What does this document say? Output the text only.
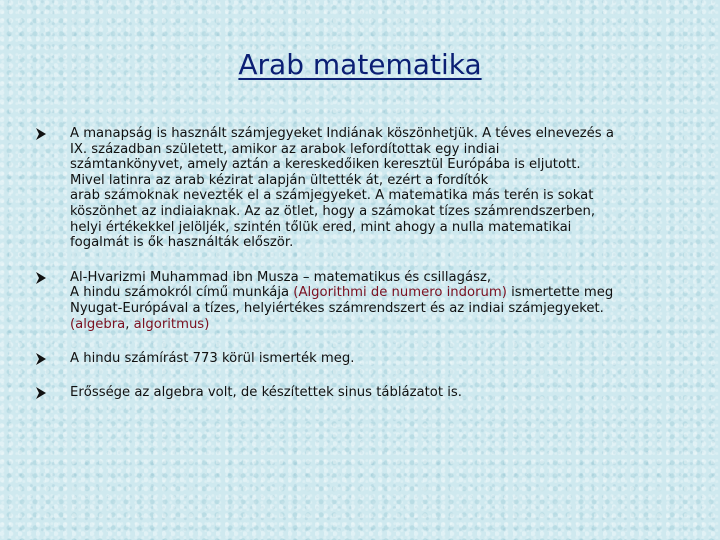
Arab matematika
A manapság is használt számjegyeket Indiának köszönhetjük. A téves elnevezés a
IX. században született, amikor az arabok lefordítottak egy indiai
számtankönyvet, amely aztán a kereskedőiken keresztül Európába is eljutott.
Mivel latinra az arab kézirat alapján ültették át, ezért a fordítók
arab számoknak nevezték el a számjegyeket. A matematika más terén is sokat
köszönhet az indiaiaknak. Az az ötlet, hogy a számokat tízes számrendszerben,
helyi értékekkel jelöljék, szintén tőlük ered, mint ahogy a nulla matematikai
fogalmát is ők használták először.
Al-Hvarizmi Muhammad ibn Musza – matematikus és csillagász,
A hindu számokról című munkája (Algorithmi de numero indorum) ismertette meg
Nyugat-Európával a tízes, helyiértékes számrendszert és az indiai számjegyeket.
(algebra, algoritmus)
A hindu számírást 773 körül ismerték meg.
Erőssége az algebra volt, de készítettek sinus táblázatot is.
